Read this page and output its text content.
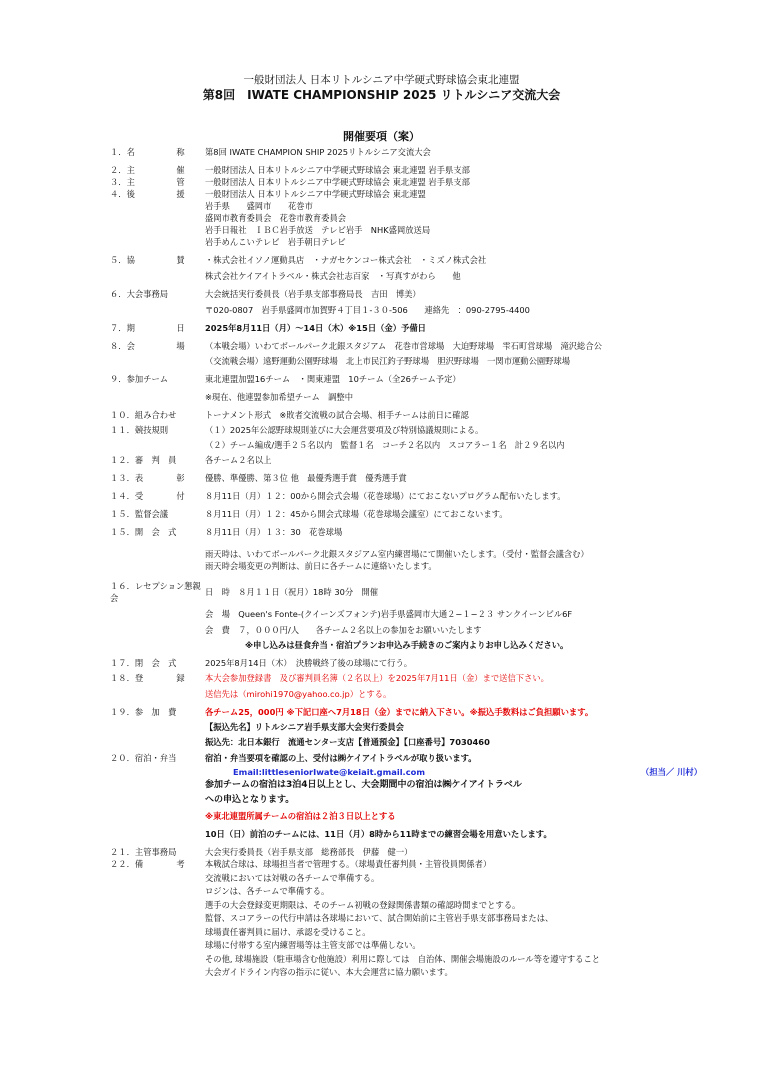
一般財団法人 日本リトルシニア中学硬式野球協会東北連盟
第8回　IWATE CHAMPIONSHIP 2025 リトルシニア交流大会
開催要項（案）
１．名　　　　　称	第8回 IWATE CHAMPION SHIP 2025リトルシニア交流大会
２．主　　　　　催	一般財団法人 日本リトルシニア中学硬式野球協会 東北連盟 岩手県支部
３．主　　　　　管	一般財団法人 日本リトルシニア中学硬式野球協会 東北連盟 岩手県支部
４．後　　　　　援	一般財団法人 日本リトルシニア中学硬式野球協会 東北連盟
岩手県　　盛岡市　　花巻市
盛岡市教育委員会　花巻市教育委員会
岩手日報社　ＩＢＣ岩手放送　テレビ岩手　NHK盛岡放送局
岩手めんこいテレビ　岩手朝日テレビ
５．協　　　　　賛	・株式会社イソノ運動具店　・ナガセケンコー株式会社　・ミズノ株式会社
株式会社ケイアイトラベル・株式会社志百家　・写真すがわら　　他
６．大会事務局	大会統括実行委員長（岩手県支部事務局長　吉田　博美）
〒020-0807　岩手県盛岡市加賀野４丁目１-３０-506　　連絡先　：090-2795-4400
７．期　　　　　日	2025年8月11日（月）～14日（木）※15日（金）予備日
８．会　　　　　場	（本戦会場）いわてボールパーク北銀スタジアム　花巻市営球場　大迫野球場　雫石町営球場　滝沢総合公
（交流戦会場）遠野運動公園野球場　北上市民江釣子野球場　胆沢野球場　一関市運動公園野球場
９．参加チーム	東北連盟加盟16チーム　・関東連盟　10チーム（全26チーム予定）
※現在、他連盟参加希望チーム　調整中
１０．組み合わせ	トーナメント形式　※敗者交流戦の試合会場、相手チームは前日に確認
１１．競技規則	（１）2025年公認野球規則並びに大会運営要項及び特別協議規則による。
（２）チーム編成/選手２５名以内　監督１名　コーチ２名以内　スコアラー１名　計２９名以内
１２．審　判　員	各チーム２名以上
１３．表　　　　彰	優勝、準優勝、第３位 他　最優秀選手賞　優秀選手賞
１４．受　　　　付	８月11日（月）１２：00から開会式会場（花巻球場）にておこないプログラム配布いたします。
１５．監督会議	８月11日（月）１２：45から開会式球場（花巻球場会議室）にておこないます。
１５．開　会　式	８月11日（月）１３：30　花巻球場
雨天時は、いわてボールパーク北銀スタジアム室内練習場にて開催いたします。（受付・監督会議含む）
雨天時会場変更の判断は、前日に各チームに連絡いたします。
１６．レセプション懇親会
日　時　８月１１日（祝月）18時 30分　開催
会　場　Queen's Fonte-(クイーンズフォンテ)岩手県盛岡市大通２−１−２３ サンクイーンビル6F
会　費　７，０００円/人　　各チーム２名以上の参加をお願いいたします
※申し込みは昼食弁当・宿泊プランお申込み手続きのご案内よりお申し込みください。
１７．閉　会　式	2025年8月14日（木）　決勝戦終了後の球場にて行う。
１８．登　　　　録	本大会参加登録書　及び審判員名簿（２名以上）を2025年7月11日（金）まで送信下さい。
送信先は（mirohi1970@yahoo.co.jp）とする。
１９．参　加　費	各チーム25，000円 ※下記口座へ7月18日（金）までに納入下さい。※振込手数料はご負担願います。
【振込先名】リトルシニア岩手県支部大会実行委員会
振込先：北日本銀行　流通センター支店【普通預金】【口座番号】7030460
２０．宿泊・弁当	宿泊・弁当要項を確認の上、受付は㈱ケイアイトラベルが取り扱います。
Email:littleseniorIwate@keiait.gmail.com	（担当／ 川村）
参加チームの宿泊は3泊4日以上とし、大会期間中の宿泊は㈱ケイアイトラベル
への申込となります。
※東北連盟所属チームの宿泊は２泊３日以上とする
10日（日）前泊のチームには、11日（月）8時から11時までの練習会場を用意いたします。
２１．主管事務局	大会実行委員長（岩手県支部　総務部長　伊藤　健一）
２２．備　　　　考	本戦試合球は、球場担当者で管理する。（球場責任審判員・主管役員関係者）
交流戦においては対戦の各チームで準備する。
ロジンは、各チームで準備する。
選手の大会登録変更期限は、そのチーム初戦の登録関係書類の確認時間までとする。
監督、スコアラーの代行申請は各球場において、試合開始前に主管岩手県支部事務局または、
球場責任審判員に届け、承認を受けること。
球場に付帯する室内練習場等は主管支部では準備しない。
その他, 球場施設（駐車場含む他施設）利用に際しては　自治体、開催会場施設のルール等を遵守すること
大会ガイドライン内容の指示に従い、本大会運営に協力願います。
